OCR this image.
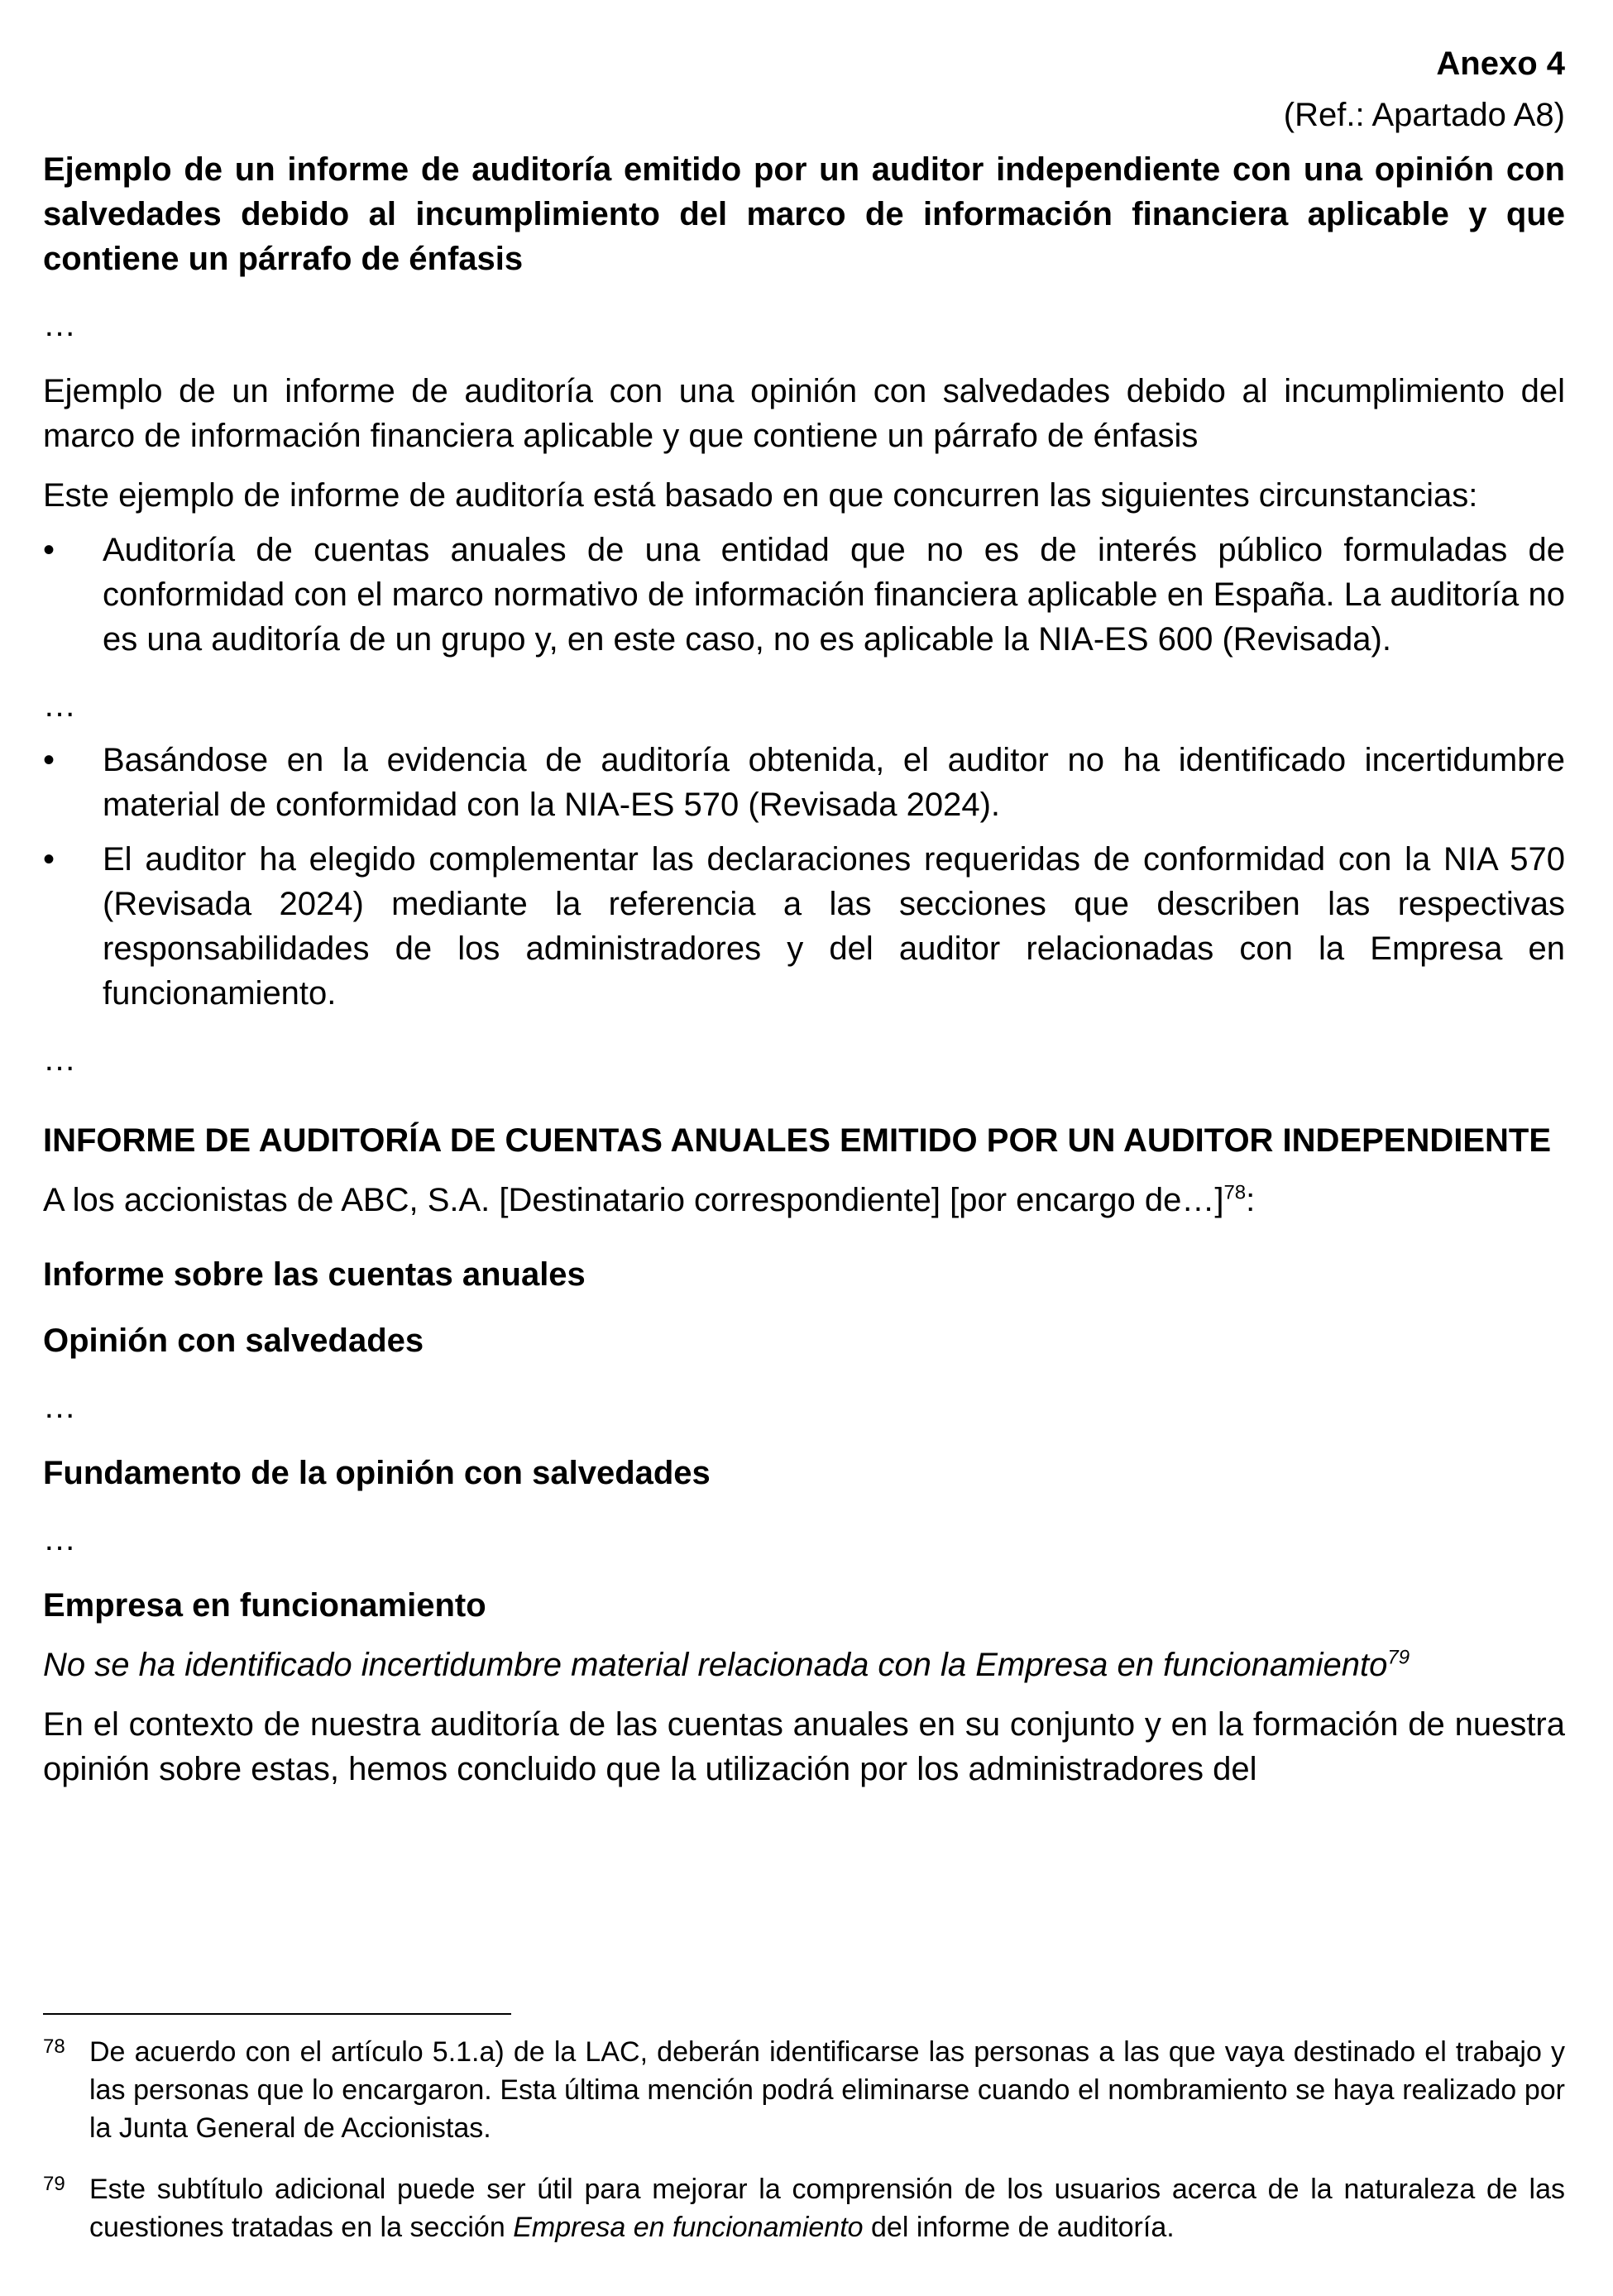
Anexo 4

(Ref.: Apartado A8)

Ejemplo de un informe de auditoría emitido por un auditor independiente con una opinión con salvedades debido al incumplimiento del marco de información financiera aplicable y que contiene un párrafo de énfasis

…

Ejemplo de un informe de auditoría con una opinión con salvedades debido al incumplimiento del marco de información financiera aplicable y que contiene un párrafo de énfasis

Este ejemplo de informe de auditoría está basado en que concurren las siguientes circunstancias:

•	Auditoría de cuentas anuales de una entidad que no es de interés público formuladas de conformidad con el marco normativo de información financiera aplicable en España. La auditoría no es una auditoría de un grupo y, en este caso, no es aplicable la NIA-ES 600 (Revisada).

…

•	Basándose en la evidencia de auditoría obtenida, el auditor no ha identificado incertidumbre material de conformidad con la NIA-ES 570 (Revisada 2024).
•	El auditor ha elegido complementar las declaraciones requeridas de conformidad con la NIA 570 (Revisada 2024) mediante la referencia a las secciones que describen las respectivas responsabilidades de los administradores y del auditor relacionadas con la Empresa en funcionamiento.

…

INFORME DE AUDITORÍA DE CUENTAS ANUALES EMITIDO POR UN AUDITOR INDEPENDIENTE

A los accionistas de ABC, S.A. [Destinatario correspondiente] [por encargo de…]$^{78}$:

Informe sobre las cuentas anuales

Opinión con salvedades

…

Fundamento de la opinión con salvedades

…

Empresa en funcionamiento

No se ha identificado incertidumbre material relacionada con la Empresa en funcionamiento$^{79}$

En el contexto de nuestra auditoría de las cuentas anuales en su conjunto y en la formación de nuestra opinión sobre estas, hemos concluido que la utilización por los administradores del

78 De acuerdo con el artículo 5.1.a) de la LAC, deberán identificarse las personas a las que vaya destinado el trabajo y las personas que lo encargaron. Esta última mención podrá eliminarse cuando el nombramiento se haya realizado por la Junta General de Accionistas.
79 Este subtítulo adicional puede ser útil para mejorar la comprensión de los usuarios acerca de la naturaleza de las cuestiones tratadas en la sección Empresa en funcionamiento del informe de auditoría.
